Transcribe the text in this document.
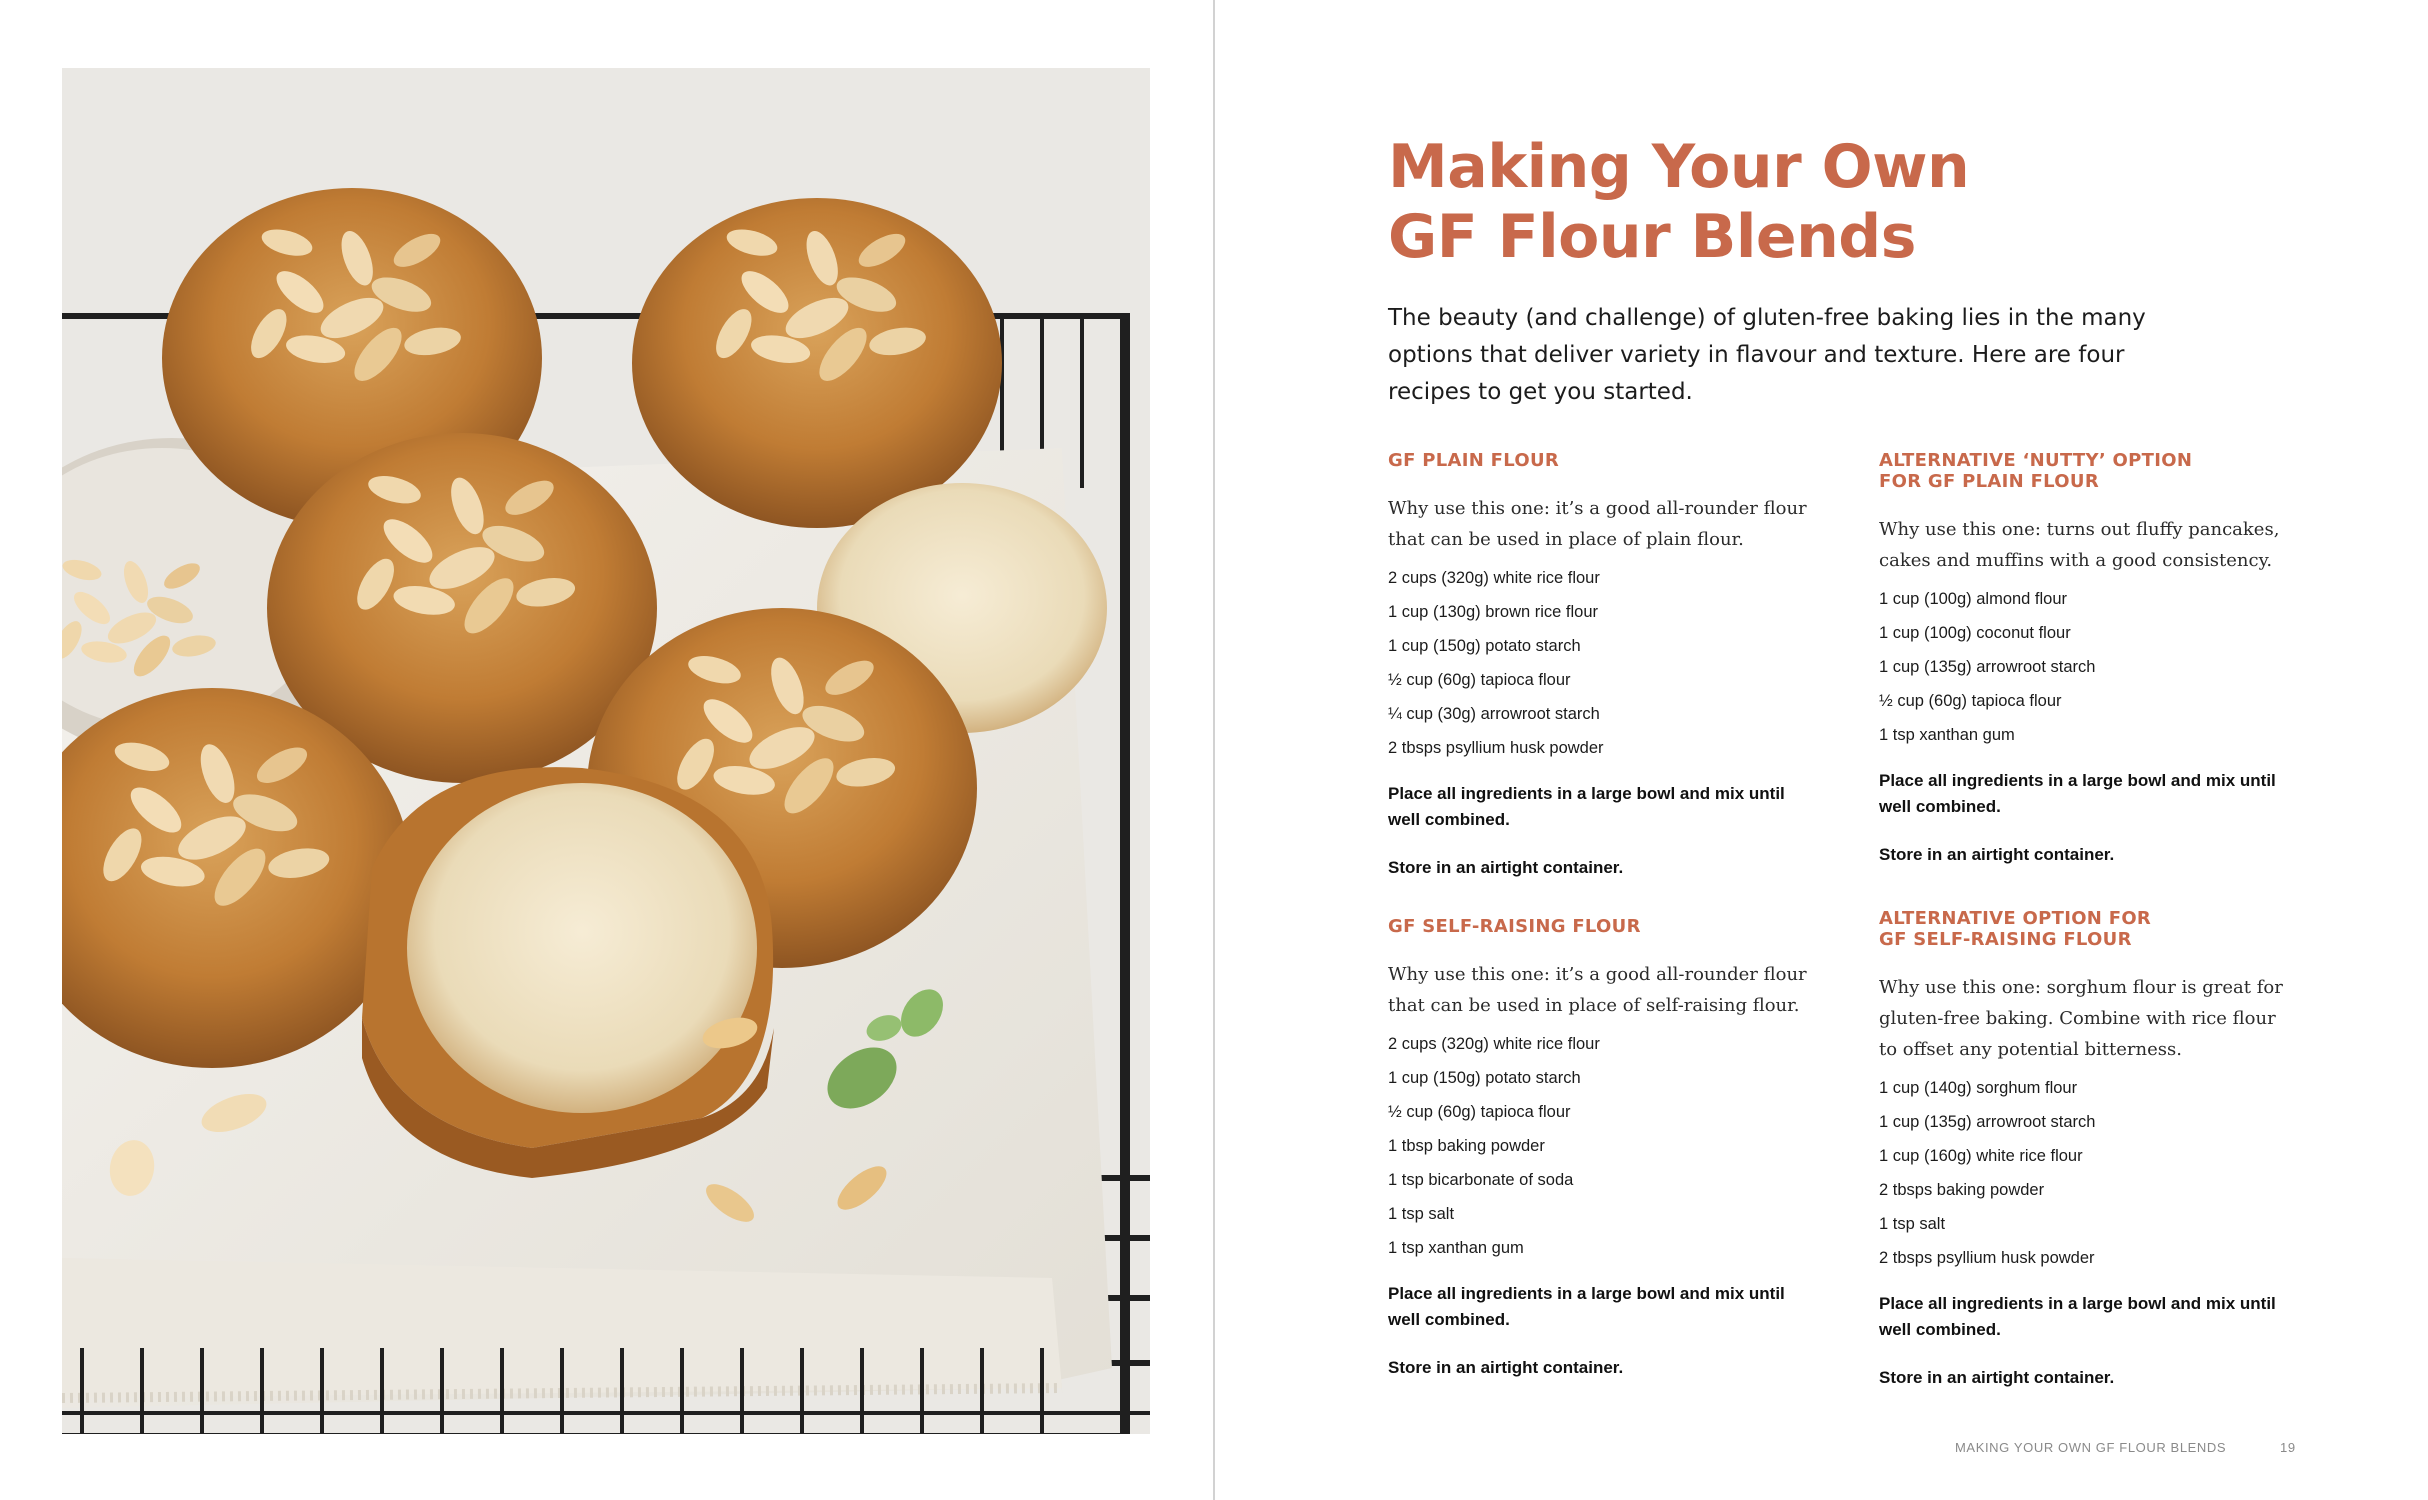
Making Your Own
GF Flour Blends

The beauty (and challenge) of gluten-free baking lies in the many options that deliver variety in flavour and texture. Here are four recipes to get you started.

GF PLAIN FLOUR

Why use this one: it’s a good all-rounder flour that can be used in place of plain flour.

2 cups (320g) white rice flour
1 cup (130g) brown rice flour
1 cup (150g) potato starch
½ cup (60g) tapioca flour
¼ cup (30g) arrowroot starch
2 tbsps psyllium husk powder

Place all ingredients in a large bowl and mix until well combined.

Store in an airtight container.

ALTERNATIVE ‘NUTTY’ OPTION
FOR GF PLAIN FLOUR

Why use this one: turns out fluffy pancakes, cakes and muffins with a good consistency.

1 cup (100g) almond flour
1 cup (100g) coconut flour
1 cup (135g) arrowroot starch
½ cup (60g) tapioca flour
1 tsp xanthan gum

Place all ingredients in a large bowl and mix until well combined.

Store in an airtight container.

GF SELF-RAISING FLOUR

Why use this one: it’s a good all-rounder flour that can be used in place of self-raising flour.

2 cups (320g) white rice flour
1 cup (150g) potato starch
½ cup (60g) tapioca flour
1 tbsp baking powder
1 tsp bicarbonate of soda
1 tsp salt
1 tsp xanthan gum

Place all ingredients in a large bowl and mix until well combined.

Store in an airtight container.

ALTERNATIVE OPTION FOR
GF SELF-RAISING FLOUR

Why use this one: sorghum flour is great for gluten-free baking. Combine with rice flour to offset any potential bitterness.

1 cup (140g) sorghum flour
1 cup (135g) arrowroot starch
1 cup (160g) white rice flour
2 tbsps baking powder
1 tsp salt
2 tbsps psyllium husk powder

Place all ingredients in a large bowl and mix until well combined.

Store in an airtight container.

MAKING YOUR OWN GF FLOUR BLENDS	19
